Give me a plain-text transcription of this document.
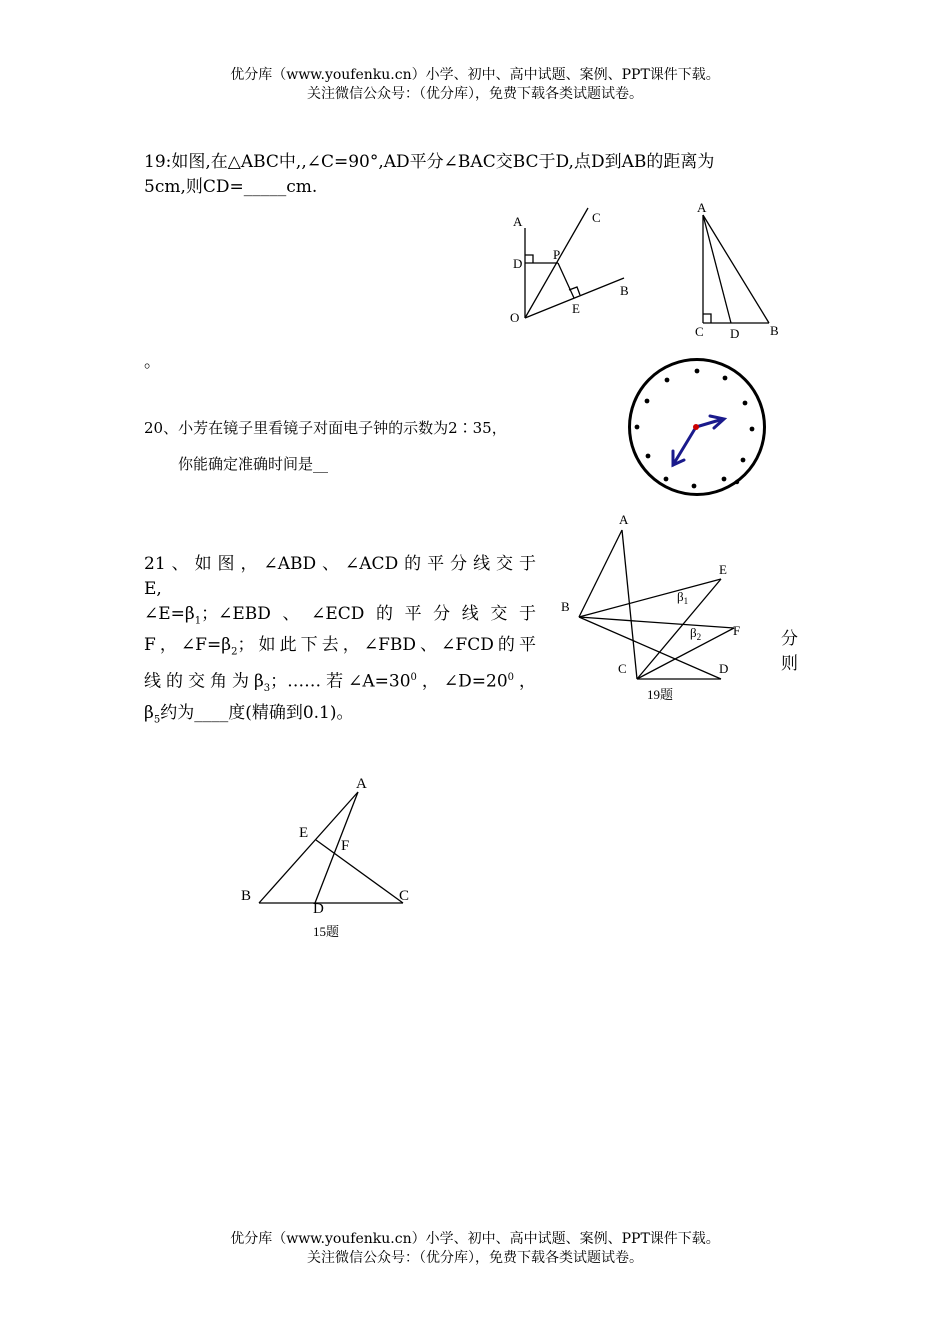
优分库（www.youfenku.cn）小学、初中、高中试题、案例、PPT课件下载。
关注微信公众号：（优分库），免费下载各类试题试卷。
19:如图,在△ABC中,,∠C=90°,AD平分∠BAC交BC于D,点D到AB的距离为
5cm,则CD=_____cm.
A	C
D
P
O
E
B
A
C D B
。
20、小芳在镜子里看镜子对面电子钟的示数为2∶35，
你能确定准确时间是__
A
E
B
$\beta_1$
$\beta_2$ F
C	D
19题
21、如图，∠ABD、∠ACD的平分线交于
E,
$\angle E=\beta_1$；∠EBD、∠ECD的平分线交于
F，$\angle F=\beta_2$；如此下去，∠FBD、∠FCD的平
线的交角为$\beta_3$；……若$\angle A=30^0$，$\angle D=20^0$，
$\beta_5$约为____度(精确到0.1)。
分
则
A
E
F
B	C
D
15题
优分库（www.youfenku.cn）小学、初中、高中试题、案例、PPT课件下载。
关注微信公众号：（优分库），免费下载各类试题试卷。
